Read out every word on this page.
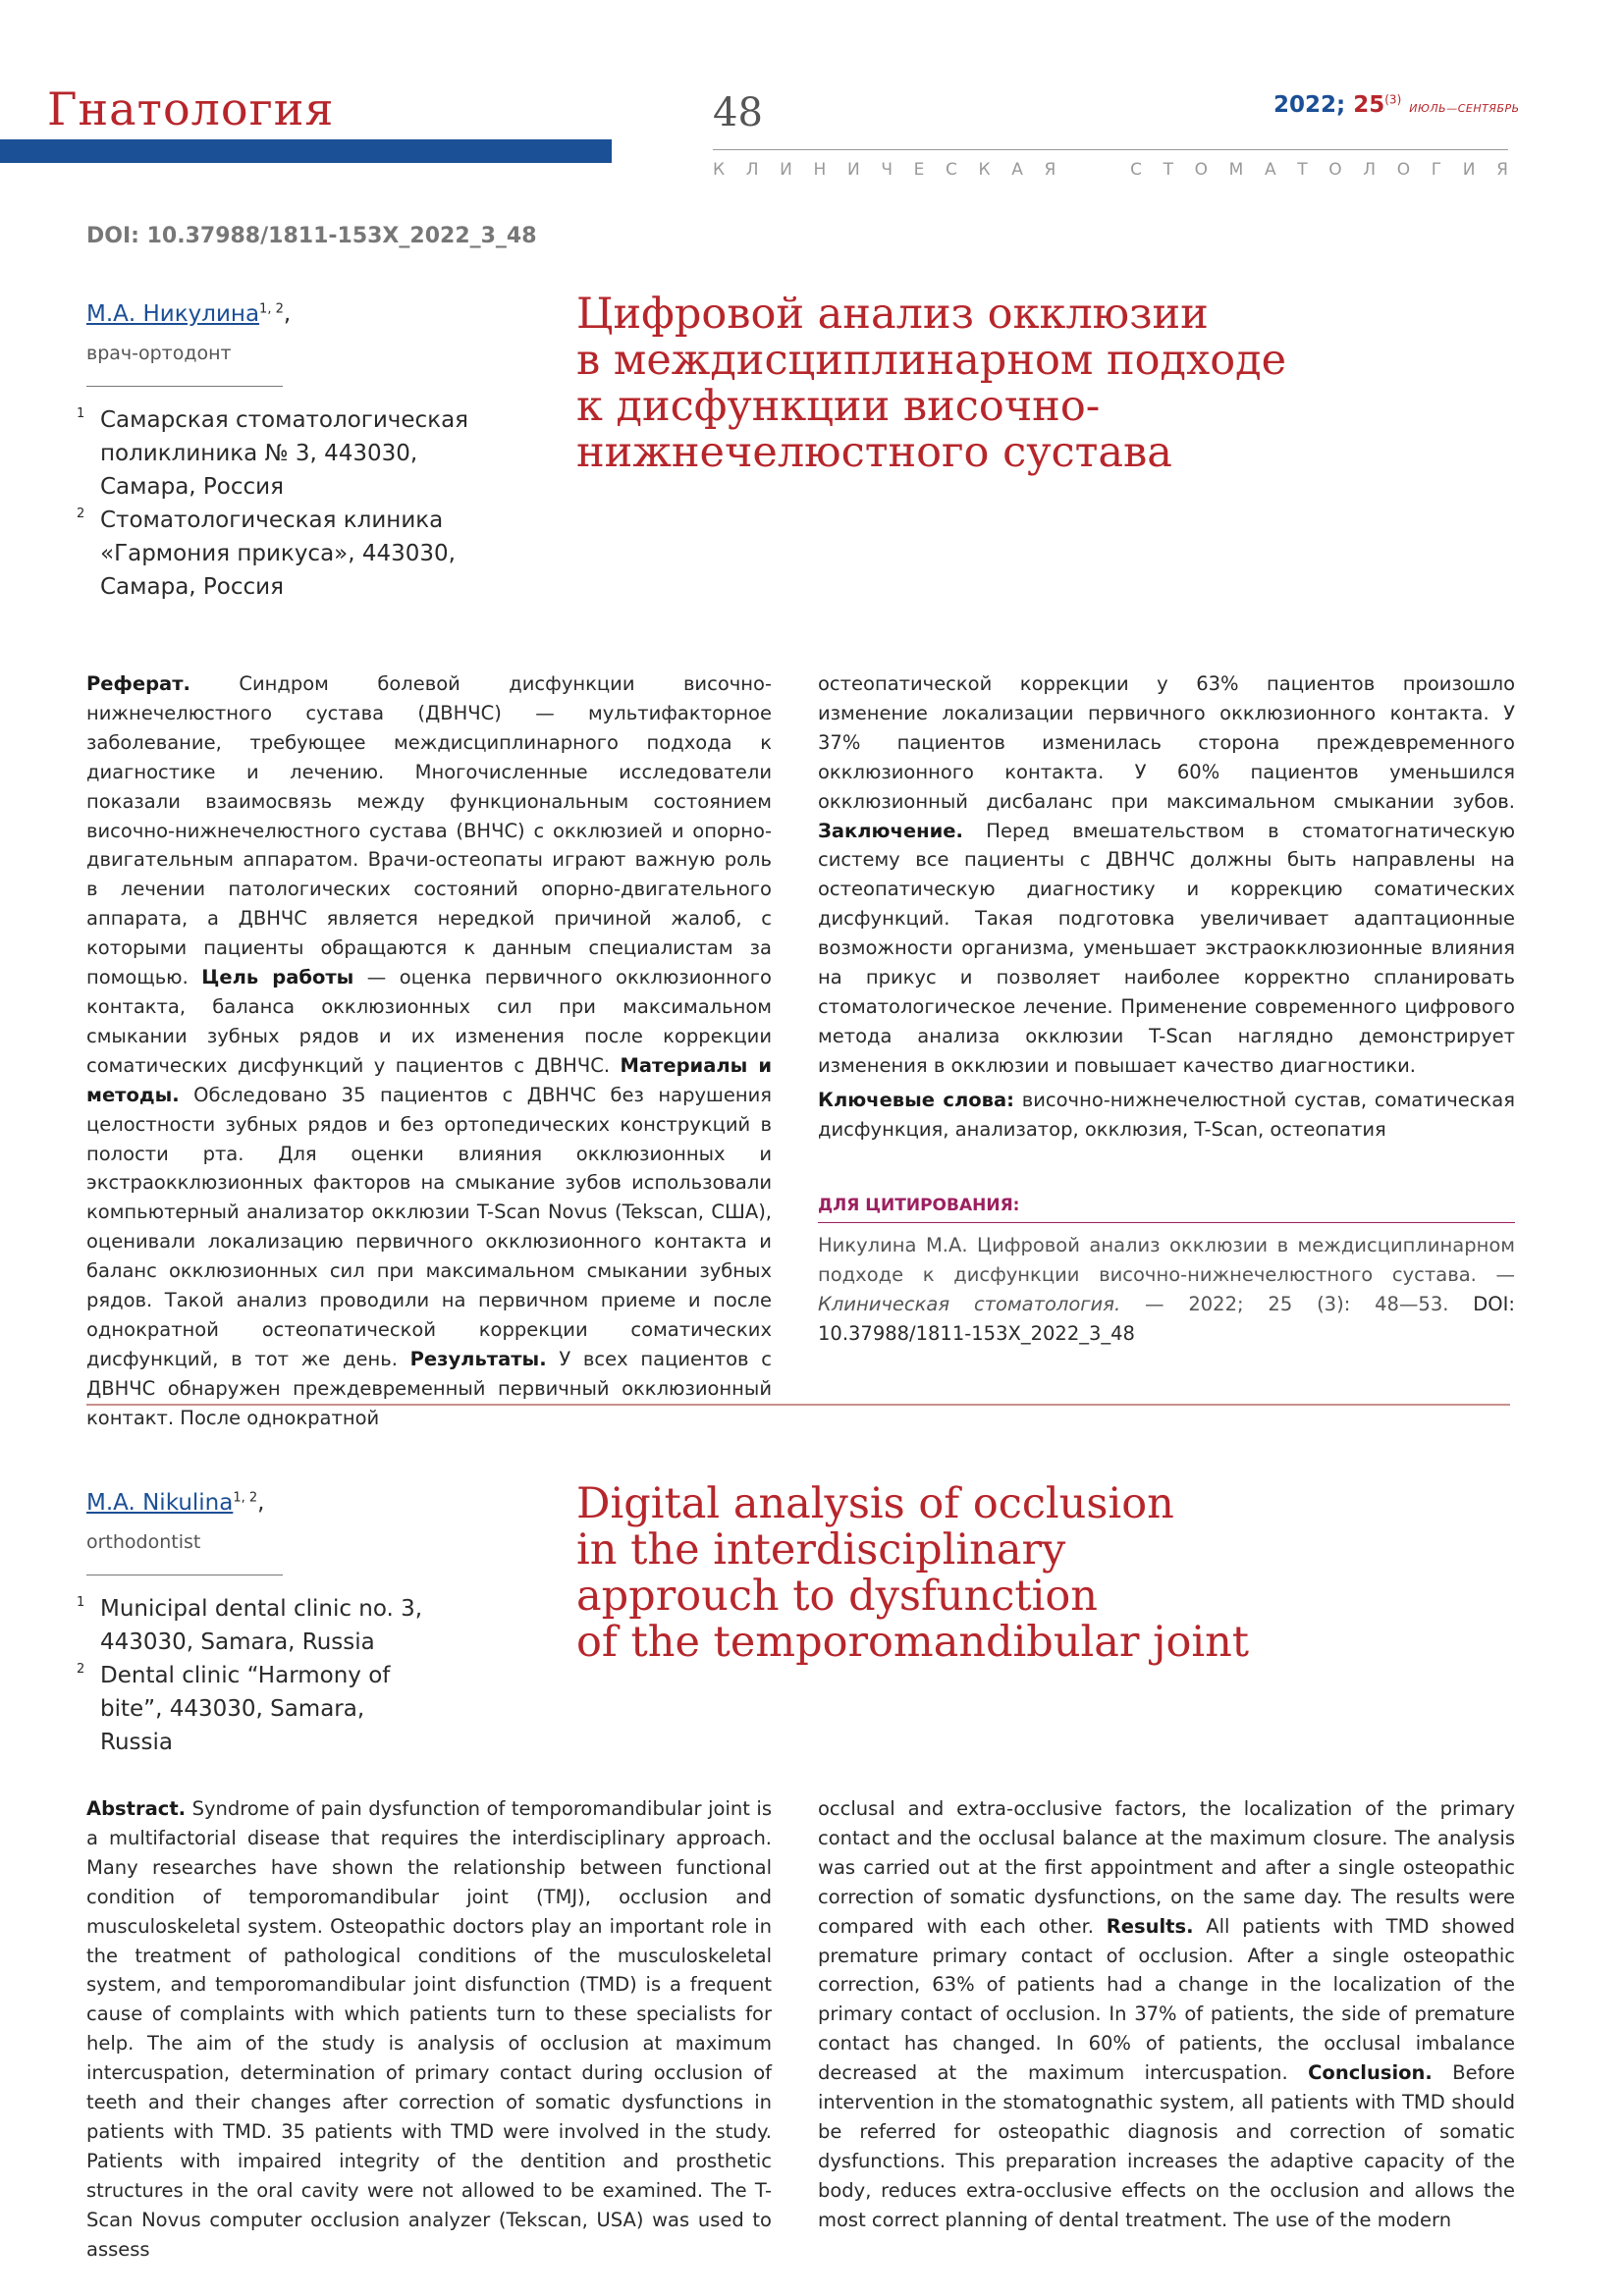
Гнатология	48	2022; 25$^{(3)}$ ИЮЛЬ—СЕНТЯБРЬ
К Л И Н И Ч Е С К А Я

	С Т О М А Т О Л О Г И Я
DOI: 10.37988/1811-153X_2022_3_48
М.А. Никулина$^{1, 2}$,
врач-ортодонт
1 Самарская стоматологическая поликлиника № 3, 443030, Самара, Россия
2 Стоматологическая клиника «Гармония прикуса», 443030, Самара, Россия
Цифровой анализ окклюзии
в междисциплинарном подходе
к дисфункции височно-
нижнечелюстного сустава
Реферат. Синдром болевой дисфункции височно-нижнечелюстного сустава (ДВНЧС) — мультифакторное заболевание, требующее междисциплинарного подхода к диагностике и лечению. Многочисленные исследователи показали взаимосвязь между функциональным состоянием височно-нижнечелюстного сустава (ВНЧС) с окклюзией и опорно-двигательным аппаратом. Врачи-остеопаты играют важную роль в лечении патологических состояний опорно-двигательного аппарата, а ДВНЧС является нередкой причиной жалоб, с которыми пациенты обращаются к данным специалистам за помощью. Цель работы — оценка первичного окклюзионного контакта, баланса окклюзионных сил при максимальном смыкании зубных рядов и их изменения после коррекции соматических дисфункций у пациентов с ДВНЧС. Материалы и методы. Обследовано 35 пациентов с ДВНЧС без нарушения целостности зубных рядов и без ортопедических конструкций в полости рта. Для оценки влияния окклюзионных и экстраокклюзионных факторов на смыкание зубов использовали компьютерный анализатор окклюзии T-Scan Novus (Tekscan, США), оценивали локализацию первичного окклюзионного контакта и баланс окклюзионных сил при максимальном смыкании зубных рядов. Такой анализ проводили на первичном приеме и после однократной остеопатической коррекции соматических дисфункций, в тот же день. Результаты. У всех пациентов с ДВНЧС обнаружен преждевременный первичный окклюзионный контакт. После однократной
остеопатической коррекции у 63% пациентов произошло изменение локализации первичного окклюзионного контакта. У 37% пациентов изменилась сторона преждевременного окклюзионного контакта. У 60% пациентов уменьшился окклюзионный дисбаланс при максимальном смыкании зубов. Заключение. Перед вмешательством в стоматогнатическую систему все пациенты с ДВНЧС должны быть направлены на остеопатическую диагностику и коррекцию соматических дисфункций. Такая подготовка увеличивает адаптационные возможности организма, уменьшает экстраокклюзионные влияния на прикус и позволяет наиболее корректно спланировать стоматологическое лечение. Применение современного цифрового метода анализа окклюзии T-Scan наглядно демонстрирует изменения в окклюзии и повышает качество диагностики.
Ключевые слова: височно-нижнечелюстной сустав, соматическая дисфункция, анализатор, окклюзия, T-Scan, остеопатия
ДЛЯ ЦИТИРОВАНИЯ:
Никулина М.А. Цифровой анализ окклюзии в междисциплинарном подходе к дисфункции височно-нижнечелюстного сустава. — Клиническая стоматология. — 2022; 25 (3): 48—53. DOI: 10.37988/1811-153X_2022_3_48
M.A. Nikulina$^{1, 2}$,
orthodontist
1 Municipal dental clinic no. 3, 443030, Samara, Russia
2 Dental clinic “Harmony of bite”, 443030, Samara, Russia
Digital analysis of occlusion
in the interdisciplinary
approuch to dysfunction
of the temporomandibular joint
Abstract. Syndrome of pain dysfunction of temporomandibular joint is a multifactorial disease that requires the interdisciplinary approach. Many researches have shown the relationship between functional condition of temporomandibular joint (TMJ), occlusion and musculoskeletal system. Osteopathic doctors play an important role in the treatment of pathological conditions of the musculoskeletal system, and temporomandibular joint disfunction (TMD) is a frequent cause of complaints with which patients turn to these specialists for help. The aim of the study is analysis of occlusion at maximum intercuspation, determination of primary contact during occlusion of teeth and their changes after correction of somatic dysfunctions in patients with TMD. 35 patients with TMD were involved in the study. Patients with impaired integrity of the dentition and prosthetic structures in the oral cavity were not allowed to be examined. The T-Scan Novus computer occlusion analyzer (Tekscan, USA) was used to assess
occlusal and extra-occlusive factors, the localization of the primary contact and the occlusal balance at the maximum closure. The analysis was carried out at the first appointment and after a single osteopathic correction of somatic dysfunctions, on the same day. The results were compared with each other. Results. All patients with TMD showed premature primary contact of occlusion. After a single osteopathic correction, 63% of patients had a change in the localization of the primary contact of occlusion. In 37% of patients, the side of premature contact has changed. In 60% of patients, the occlusal imbalance decreased at the maximum intercuspation. Conclusion. Before intervention in the stomatognathic system, all patients with TMD should be referred for osteopathic diagnosis and correction of somatic dysfunctions. This preparation increases the adaptive capacity of the body, reduces extra-occlusive effects on the occlusion and allows the most correct planning of dental treatment. The use of the modern
